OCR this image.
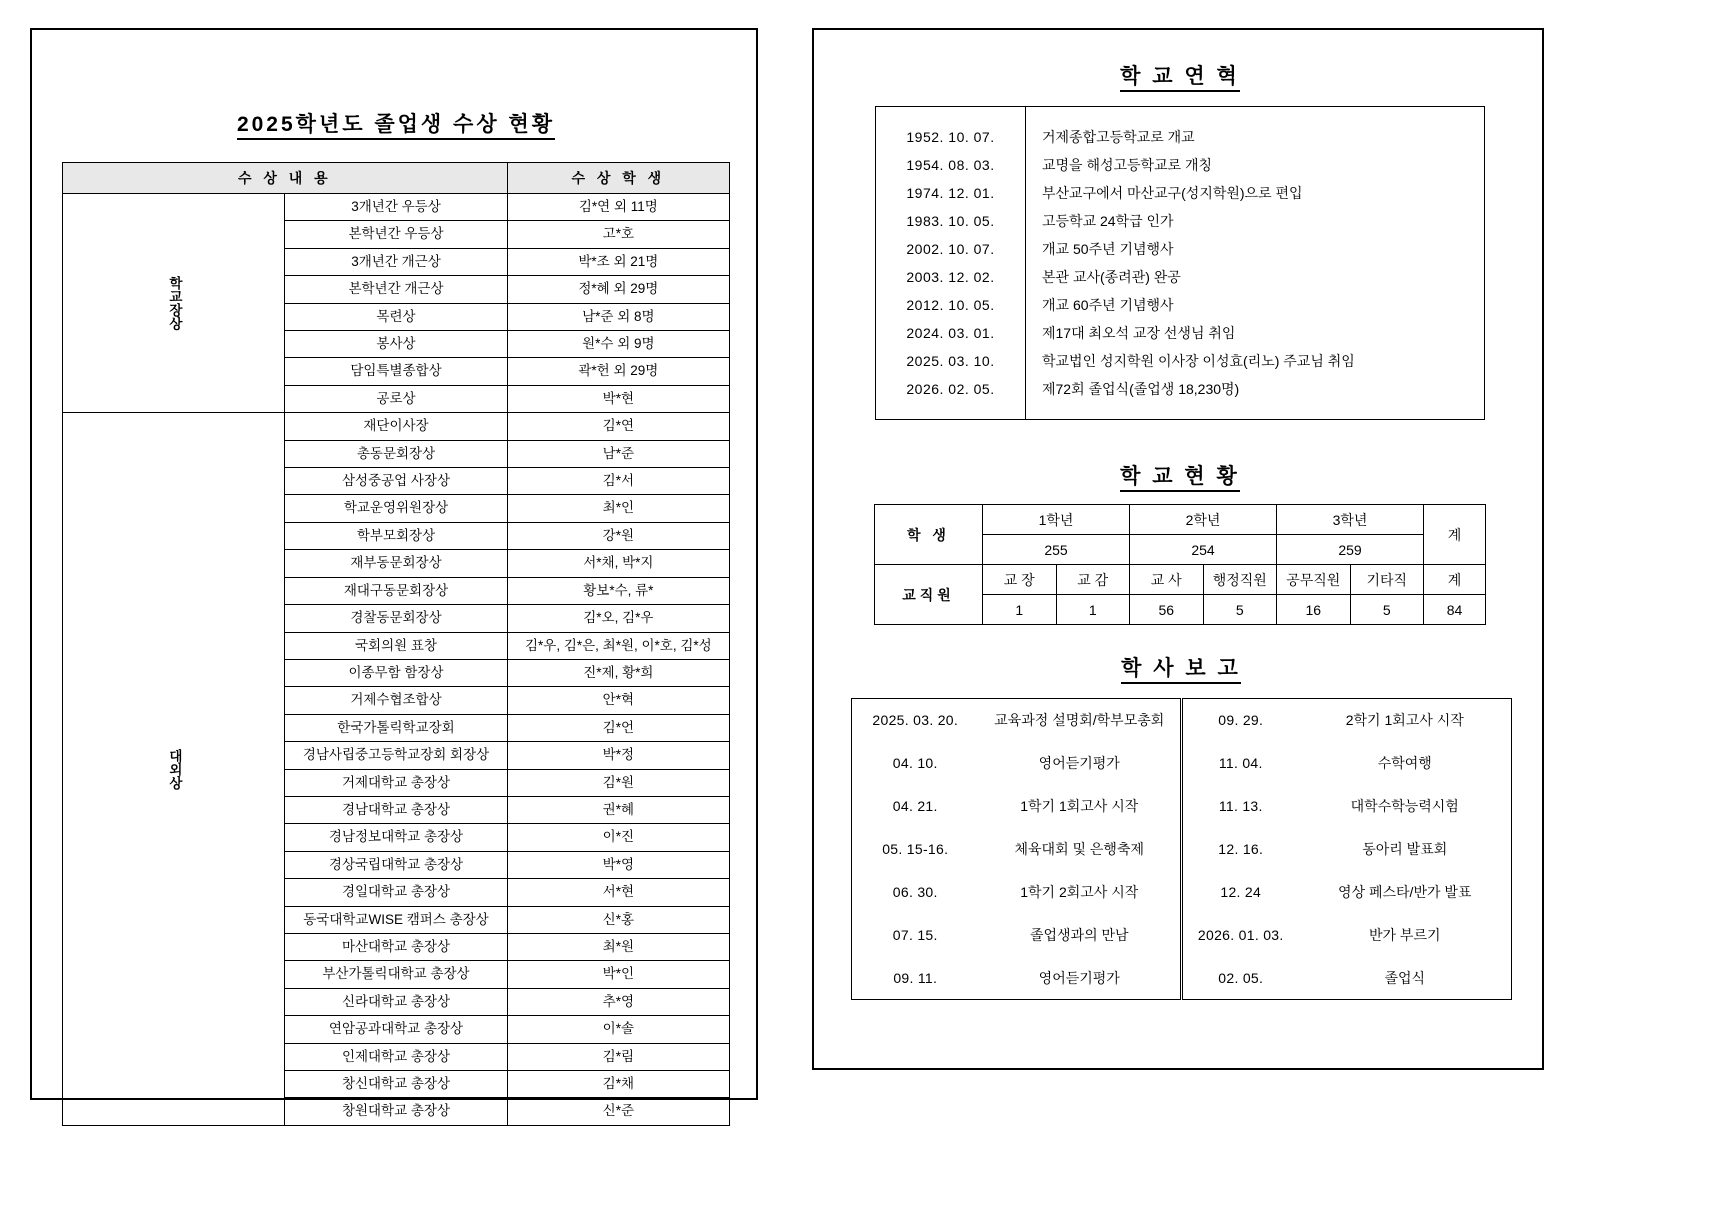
2025학년도 졸업생 수상 현황
수 상 내 용		수 상 학 생
학교장상	3개년간 우등상	김*연 외 11명
	본학년간 우등상	고*호
	3개년간 개근상	박*조 외 21명
	본학년간 개근상	정*혜 외 29명
	목련상	남*준 외 8명
	봉사상	원*수 외 9명
	담임특별종합상	곽*헌 외 29명
	공로상	박*현
대외상	재단이사장	김*연
	총동문회장상	남*준
	삼성중공업 사장상	김*서
	학교운영위원장상	최*인
	학부모회장상	강*원
	재부동문회장상	서*채, 박*지
	재대구동문회장상	황보*수, 류*
	경찰동문회장상	김*오, 김*우
	국회의원 표창	김*우, 김*은, 최*원, 이*호, 김*성
	이종무함 함장상	진*제, 황*희
	거제수협조합상	안*혁
	한국가톨릭학교장회	김*언
	경남사립중고등학교장회 회장상	박*정
	거제대학교 총장상	김*원
	경남대학교 총장상	권*혜
	경남정보대학교 총장상	이*진
	경상국립대학교 총장상	박*영
	경일대학교 총장상	서*현
	동국대학교WISE 캠퍼스 총장상	신*홍
	마산대학교 총장상	최*원
	부산가톨릭대학교 총장상	박*인
	신라대학교 총장상	추*영
	연암공과대학교 총장상	이*솔
	인제대학교 총장상	김*림
	창신대학교 총장상	김*채
	창원대학교 총장상	신*준
학 교 연 혁

1952. 10. 07.	거제종합고등학교로 개교
1954. 08. 03.	교명을 해성고등학교로 개칭
1974. 12. 01.	부산교구에서 마산교구(성지학원)으로 편입
1983. 10. 05.	고등학교 24학급 인가
2002. 10. 07.	개교 50주년 기념행사
2003. 12. 02.	본관 교사(종려관) 완공
2012. 10. 05.	개교 60주년 기념행사
2024. 03. 01.	제17대 최오석 교장 선생님 취임
2025. 03. 10.	학교법인 성지학원 이사장 이성효(리노) 주교님 취임
2026. 02. 05.	제72회 졸업식(졸업생 18,230명)

학 교 현 황
학 생	1학년		2학년		3학년		계
	255		254		259		
교직원	교 장	교 감	교 사	행정직원	공무직원	기타직	계
	1	1	56	5	16	5	84
학 사 보 고
2025. 03. 20.	교육과정 설명회/학부모총회	09. 29.	2학기 1회고사 시작
04. 10.	영어듣기평가	11. 04.	수학여행
04. 21.	1학기 1회고사 시작	11. 13.	대학수학능력시험
05. 15-16.	체육대회 및 은행축제	12. 16.	동아리 발표회
06. 30.	1학기 2회고사 시작	12. 24	영상 페스타/반가 발표
07. 15.	졸업생과의 만남	2026. 01. 03.	반가 부르기
09. 11.	영어듣기평가	02. 05.	졸업식
